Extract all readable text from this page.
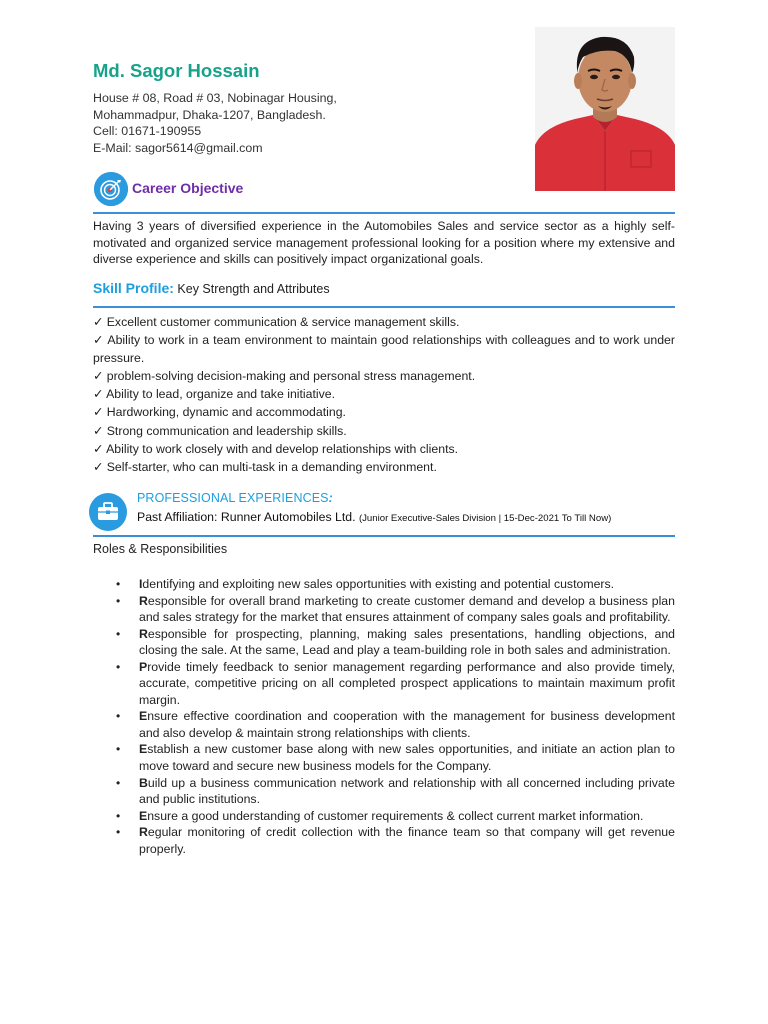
Md. Sagor Hossain
House # 08, Road # 03, Nobinagar Housing,
Mohammadpur, Dhaka-1207, Bangladesh.
Cell: 01671-190955
E-Mail: sagor5614@gmail.com
Career Objective
Having 3 years of diversified experience in the Automobiles Sales and service sector as a highly self-motivated and organized service management professional looking for a position where my extensive and diverse experience and skills can positively impact organizational goals.
Skill Profile: Key Strength and Attributes
✓ Excellent customer communication & service management skills.
✓ Ability to work in a team environment to maintain good relationships with colleagues and to work under pressure.
✓ problem-solving decision-making and personal stress management.
✓ Ability to lead, organize and take initiative.
✓ Hardworking, dynamic and accommodating.
✓ Strong communication and leadership skills.
✓ Ability to work closely with and develop relationships with clients.
✓ Self-starter, who can multi-task in a demanding environment.
PROFESSIONAL EXPERIENCES:
Past Affiliation: Runner Automobiles Ltd. (Junior Executive-Sales Division | 15-Dec-2021 To Till Now)
Roles & Responsibilities
• Identifying and exploiting new sales opportunities with existing and potential customers.
• Responsible for overall brand marketing to create customer demand and develop a business plan and sales strategy for the market that ensures attainment of company sales goals and profitability.
• Responsible for prospecting, planning, making sales presentations, handling objections, and closing the sale. At the same, Lead and play a team-building role in both sales and administration.
• Provide timely feedback to senior management regarding performance and also provide timely, accurate, competitive pricing on all completed prospect applications to maintain maximum profit margin.
• Ensure effective coordination and cooperation with the management for business development and also develop & maintain strong relationships with clients.
• Establish a new customer base along with new sales opportunities, and initiate an action plan to move toward and secure new business models for the Company.
• Build up a business communication network and relationship with all concerned including private and public institutions.
• Ensure a good understanding of customer requirements & collect current market information.
• Regular monitoring of credit collection with the finance team so that company will get revenue properly.
